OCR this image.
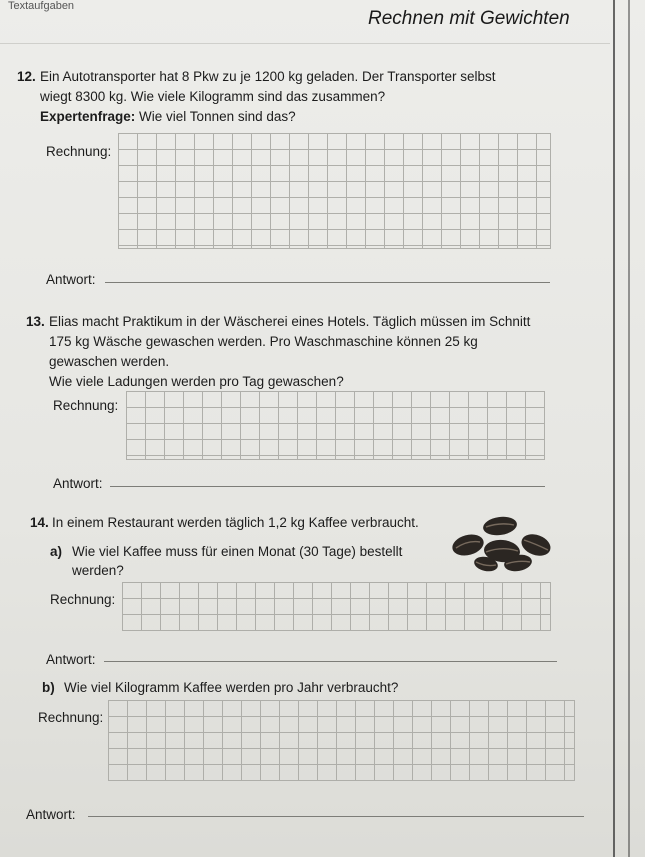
Textaufgaben
Rechnen mit Gewichten
12. Ein Autotransporter hat 8 Pkw zu je 1200 kg geladen. Der Transporter selbst
wiegt 8300 kg. Wie viele Kilogramm sind das zusammen?
Expertenfrage: Wie viel Tonnen sind das?
Rechnung:
Antwort:
13. Elias macht Praktikum in der Wäscherei eines Hotels. Täglich müssen im Schnitt
175 kg Wäsche gewaschen werden. Pro Waschmaschine können 25 kg
gewaschen werden.
Wie viele Ladungen werden pro Tag gewaschen?
Rechnung:
Antwort:
14. In einem Restaurant werden täglich 1,2 kg Kaffee verbraucht.
a) Wie viel Kaffee muss für einen Monat (30 Tage) bestellt
werden?
Rechnung:
Antwort:
b) Wie viel Kilogramm Kaffee werden pro Jahr verbraucht?
Rechnung:
Antwort:
